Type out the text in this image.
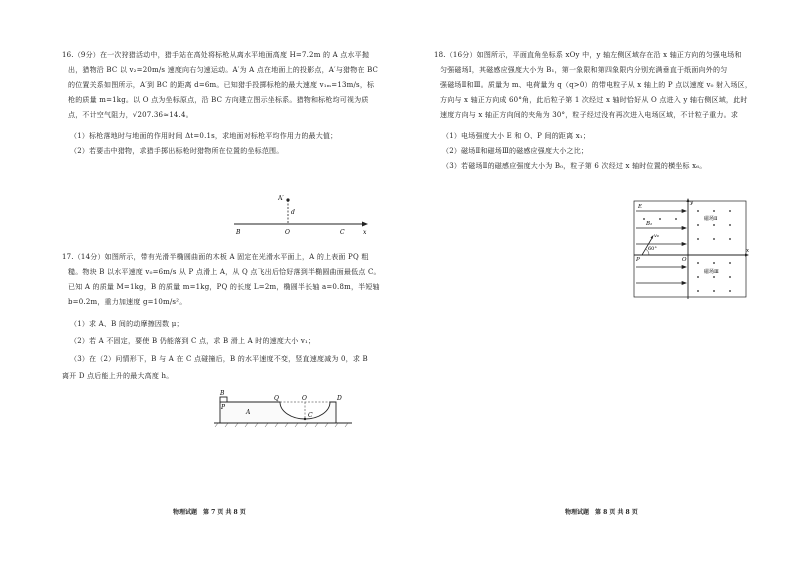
16.（9分）在一次狩猎活动中，猎手站在高处将标枪从离水平地面高度 H=7.2m 的 A 点水平抛
出，猎物沿 BC 以 v₂=20m/s 速度向右匀速运动。A′为 A 点在地面上的投影点，A′与猎物在 BC
的位置关系如图所示，A′到 BC 的距离 d=6m。已知猎手投掷标枪的最大速度 v₁ₘ=13m/s，标
枪的质量 m=1kg。以 O 点为坐标原点，沿 BC 方向建立图示坐标系。猎物和标枪均可视为质
点，不计空气阻力，√207.36≈14.4。
（1）标枪落地时与地面的作用时间 Δt=0.1s，求地面对标枪平均作用力的最大值；
（2）若要击中猎物，求猎手掷出标枪时猎物所在位置的坐标范围。
A′
d
B	O	C	x
17.（14分）如图所示，带有光滑半椭圆曲面的木板 A 固定在光滑水平面上，A 的上表面 PQ 粗
糙。物块 B 以水平速度 v₀=6m/s 从 P 点滑上 A，从 Q 点飞出后恰好落到半椭圆曲面最低点 C。
已知 A 的质量 M=1kg，B 的质量 m=1kg，PQ 的长度 L=2m，椭圆半长轴 a=0.8m，半短轴
b=0.2m，重力加速度 g=10m/s²。
（1）求 A、B 间的动摩擦因数 μ；
（2）若 A 不固定，要使 B 仍能落到 C 点，求 B 滑上 A 时的速度大小 v₁；
（3）在（2）问情形下，B 与 A 在 C 点碰撞后，B 的水平速度不变，竖直速度减为 0，求 B
离开 D 点后能上升的最大高度 h。
B
P
A
Q	O
C
D
物理试题　第 7 页 共 8 页
18.（16分）如图所示，平面直角坐标系 xOy 中，y 轴左侧区域存在沿 x 轴正方向的匀强电场和
匀强磁场Ⅰ，其磁感应强度大小为 B₁，第一象限和第四象限内分别充满垂直于纸面向外的匀
强磁场Ⅱ和Ⅲ。质量为 m、电荷量为 q（q>0）的带电粒子从 x 轴上的 P 点以速度 v₀ 射入场区，
方向与 x 轴正方向成 60°角，此后粒子第 1 次经过 x 轴时恰好从 O 点进入 y 轴右侧区域，此时
速度方向与 x 轴正方向间的夹角为 30°，粒子经过没有再次进入电场区域，不计粒子重力。求
（1）电场强度大小 E 和 O、P 间的距离 x₁；
（2）磁场Ⅱ和磁场Ⅲ的磁感应强度大小之比；
（3）若磁场Ⅱ的磁感应强度大小为 B₀，粒子第 6 次经过 x 轴时位置的横坐标 x₆。
y
E
B₁
v₀
60°
P	O
x
磁场Ⅱ
磁场Ⅲ
物理试题　第 8 页 共 8 页
